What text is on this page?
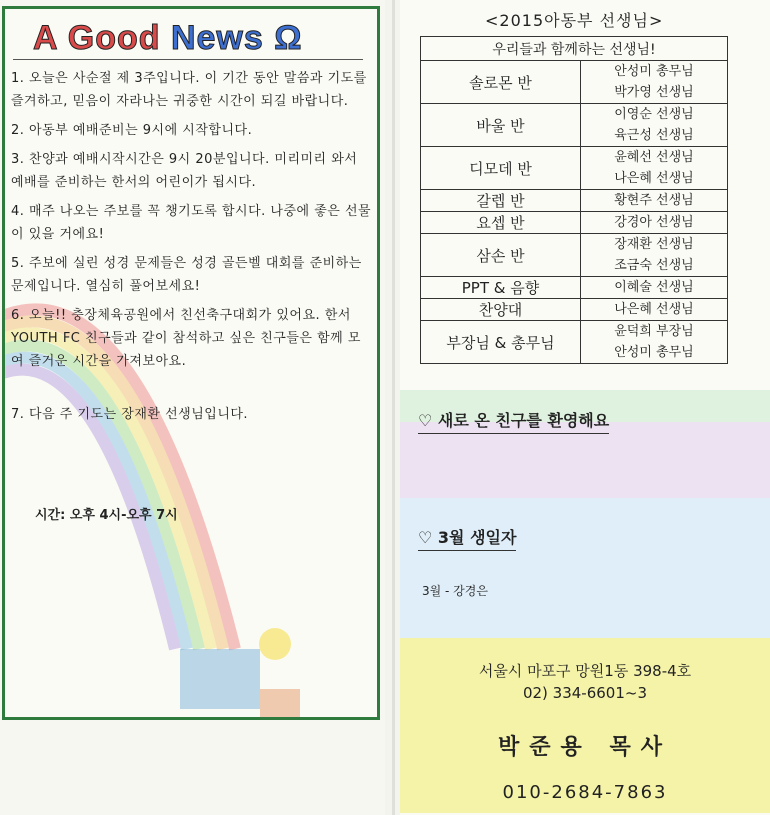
A Good News Ω
1. 오늘은 사순절 제 3주입니다. 이 기간 동안 말씀과 기도를 즐겨하고, 믿음이 자라나는 귀중한 시간이 되길 바랍니다.
2. 아동부 예배준비는 9시에 시작합니다.
3. 찬양과 예배시작시간은 9시 20분입니다. 미리미리 와서 예배를 준비하는 한서의 어린이가 됩시다.
4. 매주 나오는 주보를 꼭 챙기도록 합시다. 나중에 좋은 선물이 있을 거에요!
5. 주보에 실린 성경 문제들은 성경 골든벨 대회를 준비하는 문제입니다. 열심히 풀어보세요!
6. 오늘!! 충장체육공원에서 친선축구대회가 있어요. 한서 YOUTH FC 친구들과 같이 참석하고 싶은 친구들은 함께 모여 즐거운 시간을 가져보아요.
7. 다음 주 기도는 장재환 선생님입니다.
시간: 오후 4시-오후 7시
<2015아동부 선생님>
우리들과 함께하는 선생님!	
솔로몬 반	안성미 총무님
박가영 선생님

바울 반	이영순 선생님
육근성 선생님

디모데 반	윤혜선 선생님
나은혜 선생님

갈렙 반	황현주 선생님

요셉 반	강경아 선생님

삼손 반	장재환 선생님
조금숙 선생님

PPT & 음향	이혜술 선생님

찬양대	나은혜 선생님

부장님 & 총무님	윤덕희 부장님
안성미 총무님
♡ 새로 온 친구를 환영해요
♡ 3월 생일자
3월 - 강경은
서울시 마포구 망원1동 398-4호
02) 334-6601~3
박준용 목사
010-2684-7863
